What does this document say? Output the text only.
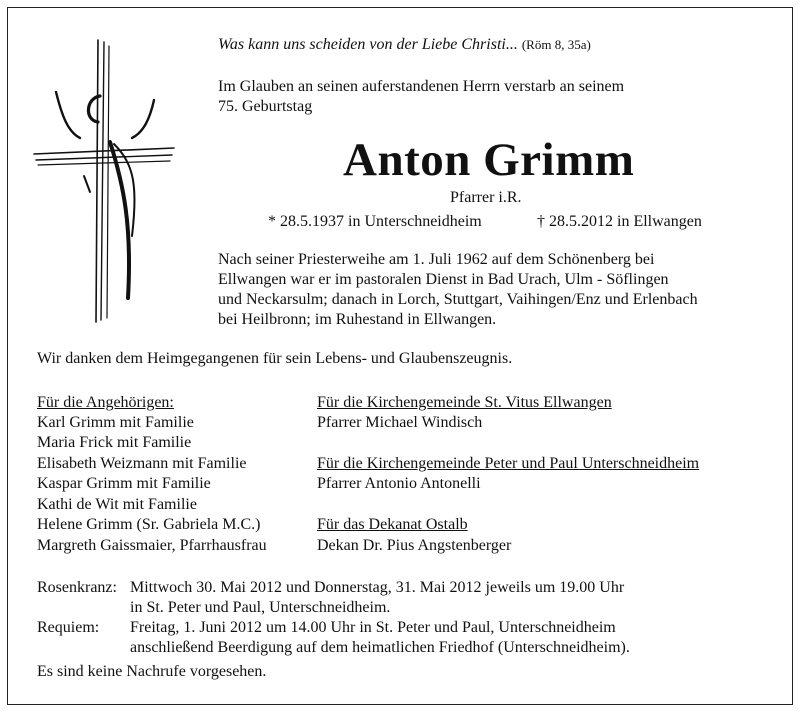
Was kann uns scheiden von der Liebe Christi... (Röm 8, 35a)
Im Glauben an seinen auferstandenen Herrn verstarb an seinem
75. Geburtstag
Anton Grimm
Pfarrer i.R.
* 28.5.1937 in Unterschneidheim	† 28.5.2012 in Ellwangen
Nach seiner Priesterweihe am 1. Juli 1962 auf dem Schönenberg bei
Ellwangen war er im pastoralen Dienst in Bad Urach, Ulm - Söflingen
und Neckarsulm; danach in Lorch, Stuttgart, Vaihingen/Enz und Erlenbach
bei Heilbronn; im Ruhestand in Ellwangen.
Wir danken dem Heimgegangenen für sein Lebens- und Glaubenszeugnis.
Für die Angehörigen:
Karl Grimm mit Familie
Maria Frick mit Familie
Elisabeth Weizmann mit Familie
Kaspar Grimm mit Familie
Kathi de Wit mit Familie
Helene Grimm (Sr. Gabriela M.C.)
Margreth Gaissmaier, Pfarrhausfrau
Für die Kirchengemeinde St. Vitus Ellwangen
Pfarrer Michael Windisch
Für die Kirchengemeinde Peter und Paul Unterschneidheim
Pfarrer Antonio Antonelli
Für das Dekanat Ostalb
Dekan Dr. Pius Angstenberger
Rosenkranz: Mittwoch 30. Mai 2012 und Donnerstag, 31. Mai 2012 jeweils um 19.00 Uhr
in St. Peter und Paul, Unterschneidheim.
Requiem: Freitag, 1. Juni 2012 um 14.00 Uhr in St. Peter und Paul, Unterschneidheim
anschließend Beerdigung auf dem heimatlichen Friedhof (Unterschneidheim).
Es sind keine Nachrufe vorgesehen.
